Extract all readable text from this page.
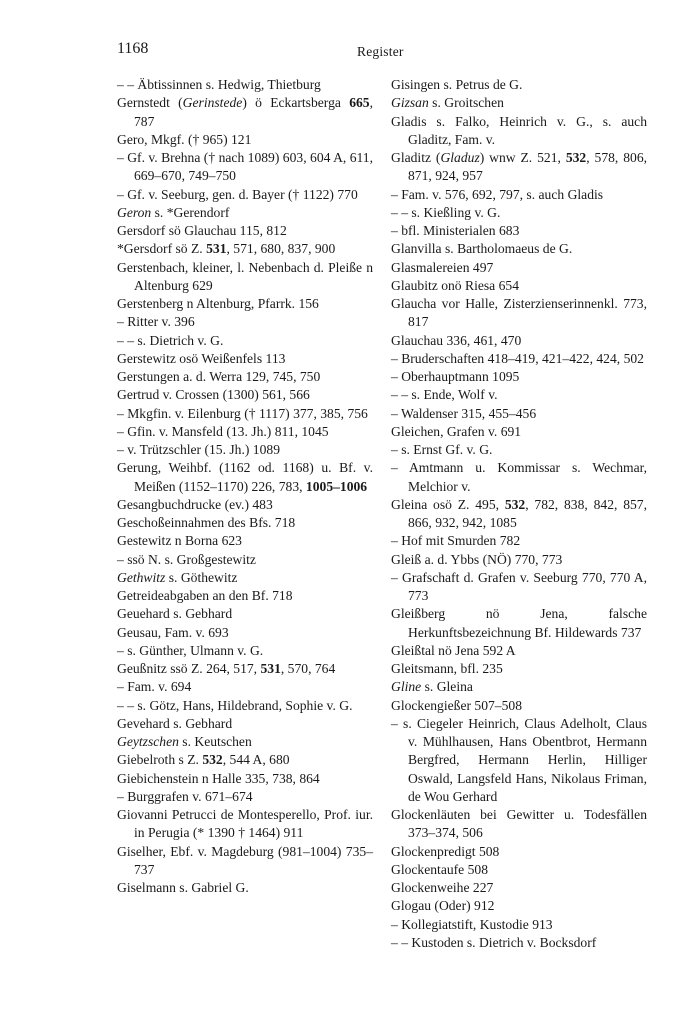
1168	Register
– – Äbtissinnen s. Hedwig, Thietburg
Gernstedt (Gerinstede) ö Eckartsberga 665, 787
Gero, Mkgf. († 965) 121
– Gf. v. Brehna († nach 1089) 603, 604 A, 611, 669–670, 749–750
– Gf. v. Seeburg, gen. d. Bayer († 1122) 770
Geron s. *Gerendorf
Gersdorf sö Glauchau 115, 812
*Gersdorf sö Z. 531, 571, 680, 837, 900
Gerstenbach, kleiner, l. Nebenbach d. Pleiße n Altenburg 629
Gerstenberg n Altenburg, Pfarrk. 156
– Ritter v. 396
– – s. Dietrich v. G.
Gerstewitz osö Weißenfels 113
Gerstungen a. d. Werra 129, 745, 750
Gertrud v. Crossen (1300) 561, 566
– Mkgfin. v. Eilenburg († 1117) 377, 385, 756
– Gfin. v. Mansfeld (13. Jh.) 811, 1045
– v. Trützschler (15. Jh.) 1089
Gerung, Weihbf. (1162 od. 1168) u. Bf. v. Meißen (1152–1170) 226, 783, 1005–1006
Gesangbuchdrucke (ev.) 483
Geschoßeinnahmen des Bfs. 718
Gestewitz n Borna 623
– ssö N. s. Großgestewitz
Gethwitz s. Göthewitz
Getreideabgaben an den Bf. 718
Geuehard s. Gebhard
Geusau, Fam. v. 693
– s. Günther, Ulmann v. G.
Geußnitz ssö Z. 264, 517, 531, 570, 764
– Fam. v. 694
– – s. Götz, Hans, Hildebrand, Sophie v. G.
Gevehard s. Gebhard
Geytzschen s. Keutschen
Giebelroth s Z. 532, 544 A, 680
Giebichenstein n Halle 335, 738, 864
– Burggrafen v. 671–674
Giovanni Petrucci de Montesperello, Prof. iur. in Perugia (* 1390 † 1464) 911
Giselher, Ebf. v. Magdeburg (981–1004) 735–737
Giselmann s. Gabriel G.
Gisingen s. Petrus de G.
Gizsan s. Groitschen
Gladis s. Falko, Heinrich v. G., s. auch Gladitz, Fam. v.
Gladitz (Gladuz) wnw Z. 521, 532, 578, 806, 871, 924, 957
– Fam. v. 576, 692, 797, s. auch Gladis
– – s. Kießling v. G.
– bfl. Ministerialen 683
Glanvilla s. Bartholomaeus de G.
Glasmalereien 497
Glaubitz onö Riesa 654
Glaucha vor Halle, Zisterzienserinnenkl. 773, 817
Glauchau 336, 461, 470
– Bruderschaften 418–419, 421–422, 424, 502
– Oberhauptmann 1095
– – s. Ende, Wolf v.
– Waldenser 315, 455–456
Gleichen, Grafen v. 691
– s. Ernst Gf. v. G.
– Amtmann u. Kommissar s. Wechmar, Melchior v.
Gleina osö Z. 495, 532, 782, 838, 842, 857, 866, 932, 942, 1085
– Hof mit Smurden 782
Gleiß a. d. Ybbs (NÖ) 770, 773
– Grafschaft d. Grafen v. Seeburg 770, 770 A, 773
Gleißberg nö Jena, falsche Herkunftsbezeichnung Bf. Hildewards 737
Gleißtal nö Jena 592 A
Gleitsmann, bfl. 235
Gline s. Gleina
Glockengießer 507–508
– s. Ciegeler Heinrich, Claus Adelholt, Claus v. Mühlhausen, Hans Obentbrot, Hermann Bergfred, Hermann Herlin, Hilliger Oswald, Langsfeld Hans, Nikolaus Friman, de Wou Gerhard
Glockenläuten bei Gewitter u. Todesfällen 373–374, 506
Glockenpredigt 508
Glockentaufe 508
Glockenweihe 227
Glogau (Oder) 912
– Kollegiatstift, Kustodie 913
– – Kustoden s. Dietrich v. Bocksdorf
